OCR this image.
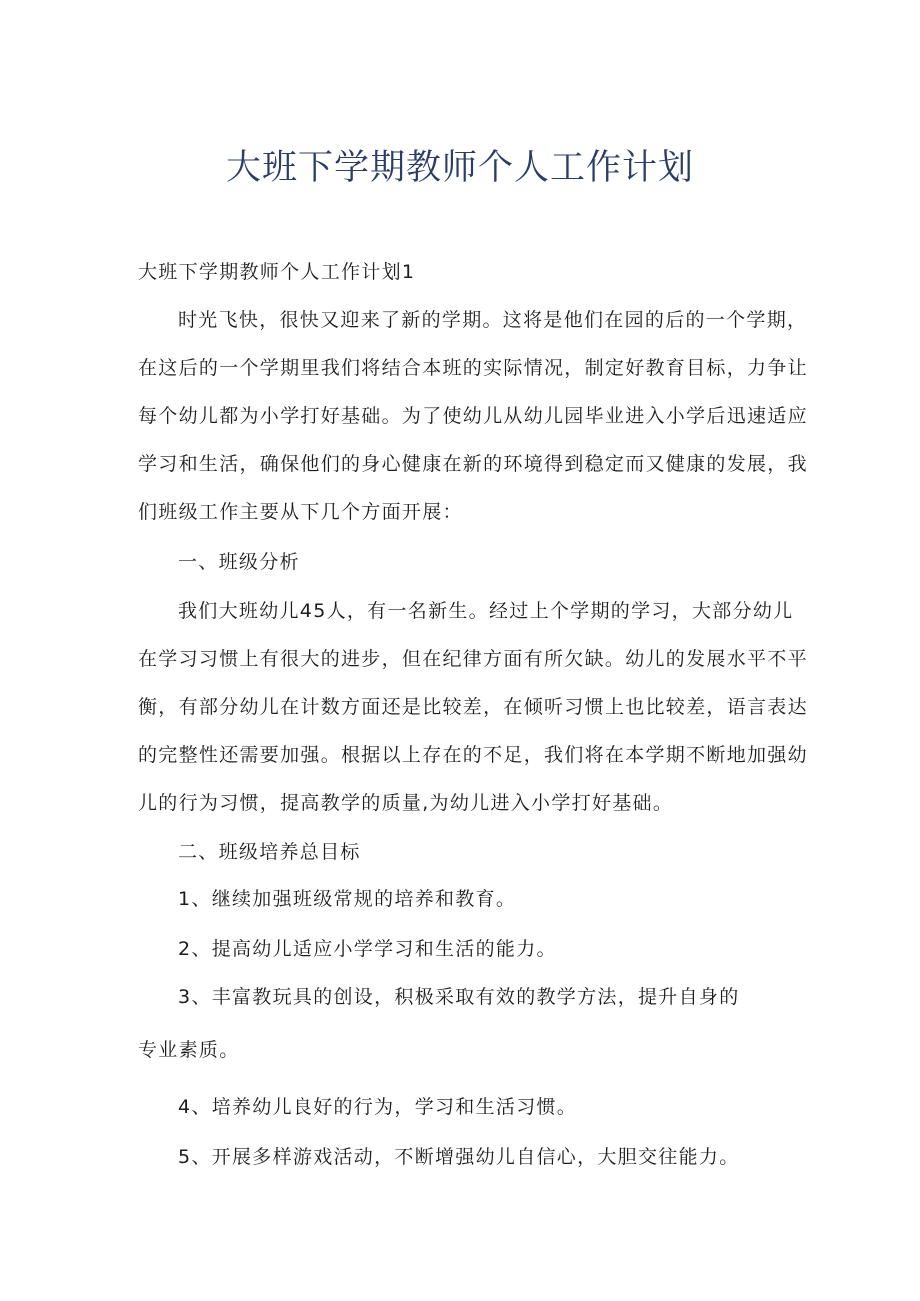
大班下学期教师个人工作计划

大班下学期教师个人工作计划1

时光飞快，很快又迎来了新的学期。这将是他们在园的后的一个学期，

在这后的一个学期里我们将结合本班的实际情况，制定好教育目标，力争让

每个幼儿都为小学打好基础。为了使幼儿从幼儿园毕业进入小学后迅速适应

学习和生活，确保他们的身心健康在新的环境得到稳定而又健康的发展，我

们班级工作主要从下几个方面开展：

一、班级分析

我们大班幼儿45人，有一名新生。经过上个学期的学习，大部分幼儿

在学习习惯上有很大的进步，但在纪律方面有所欠缺。幼儿的发展水平不平

衡，有部分幼儿在计数方面还是比较差，在倾听习惯上也比较差，语言表达

的完整性还需要加强。根据以上存在的不足，我们将在本学期不断地加强幼

儿的行为习惯，提高教学的质量,为幼儿进入小学打好基础。

二、班级培养总目标

1、继续加强班级常规的培养和教育。

2、提高幼儿适应小学学习和生活的能力。

3、丰富教玩具的创设，积极采取有效的教学方法，提升自身的

专业素质。

4、培养幼儿良好的行为，学习和生活习惯。

5、开展多样游戏活动，不断增强幼儿自信心，大胆交往能力。
